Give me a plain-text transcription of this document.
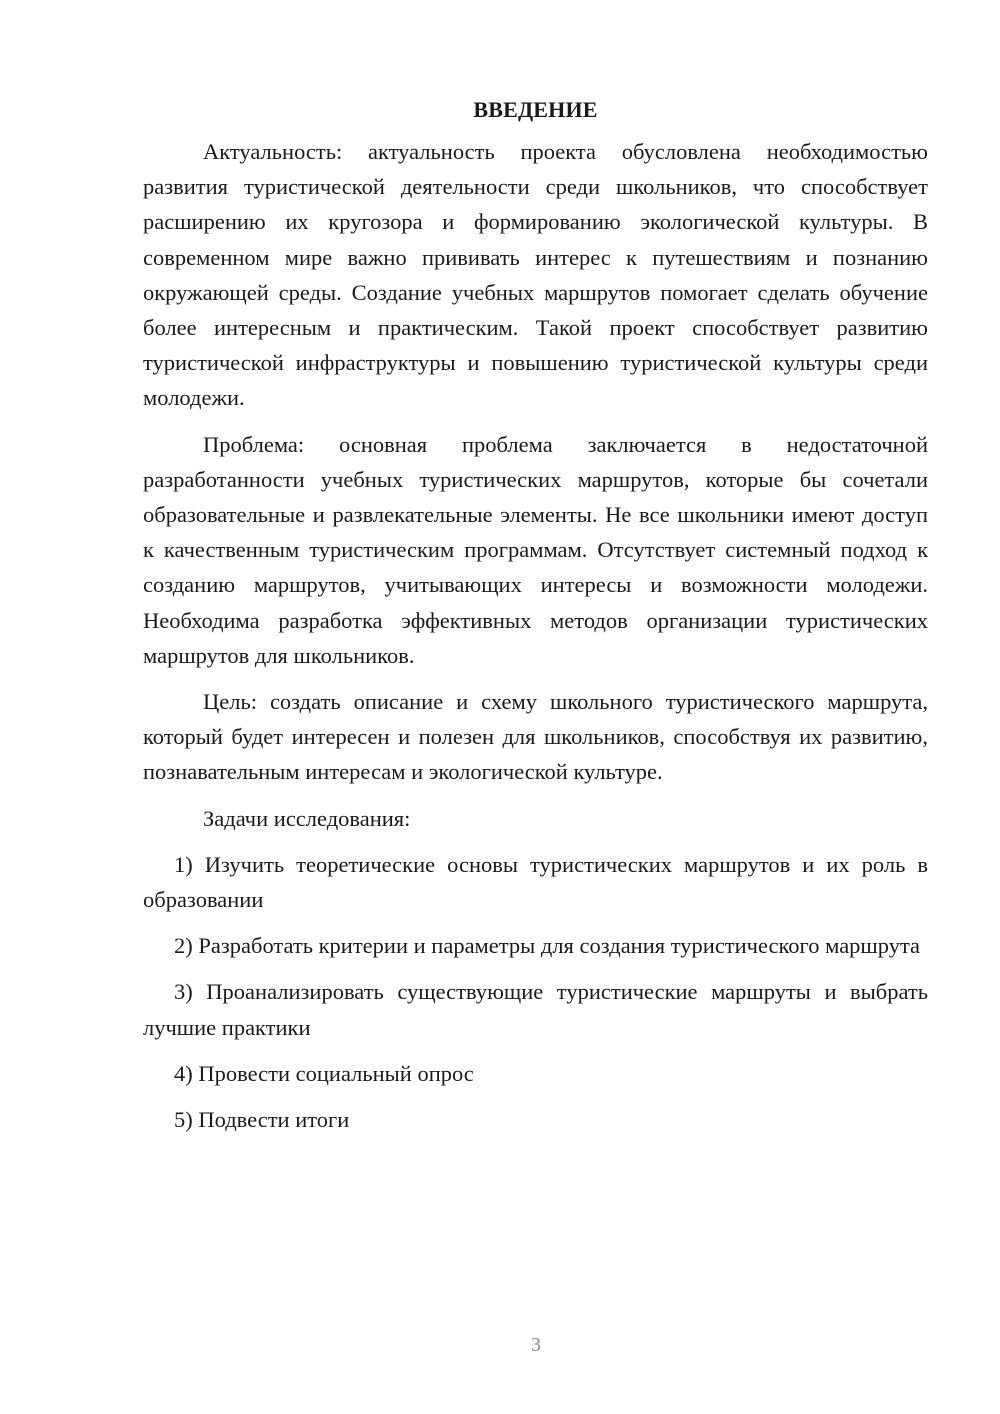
ВВЕДЕНИЕ

Актуальность: актуальность проекта обусловлена необходимостью развития туристической деятельности среди школьников, что способствует расширению их кругозора и формированию экологической культуры. В современном мире важно прививать интерес к путешествиям и познанию окружающей среды. Создание учебных маршрутов помогает сделать обучение более интересным и практическим. Такой проект способствует развитию туристической инфраструктуры и повышению туристической культуры среди молодежи.

Проблема: основная проблема заключается в недостаточной разработанности учебных туристических маршрутов, которые бы сочетали образовательные и развлекательные элементы. Не все школьники имеют доступ к качественным туристическим программам. Отсутствует системный подход к созданию маршрутов, учитывающих интересы и возможности молодежи. Необходима разработка эффективных методов организации туристических маршрутов для школьников.

Цель: создать описание и схему школьного туристического маршрута, который будет интересен и полезен для школьников, способствуя их развитию, познавательным интересам и экологической культуре.

Задачи исследования:

1) Изучить теоретические основы туристических маршрутов и их роль в образовании

2) Разработать критерии и параметры для создания туристического маршрута

3) Проанализировать существующие туристические маршруты и выбрать лучшие практики

4) Провести социальный опрос

5) Подвести итоги

3
